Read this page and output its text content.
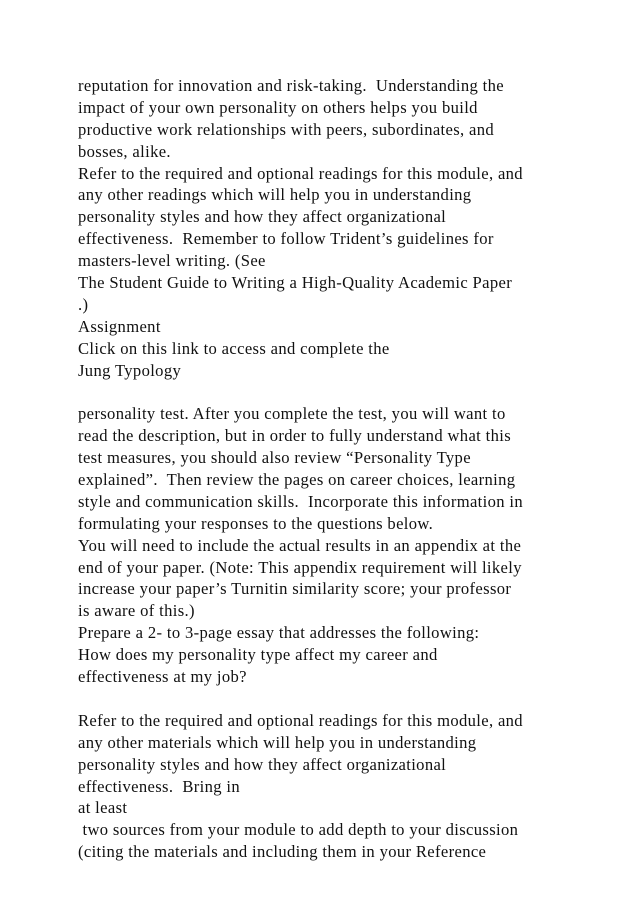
reputation for innovation and risk-taking.  Understanding the
impact of your own personality on others helps you build
productive work relationships with peers, subordinates, and
bosses, alike.
Refer to the required and optional readings for this module, and
any other readings which will help you in understanding
personality styles and how they affect organizational
effectiveness.  Remember to follow Trident’s guidelines for
masters-level writing. (See
The Student Guide to Writing a High-Quality Academic Paper
.)
Assignment
Click on this link to access and complete the
Jung Typology
personality test. After you complete the test, you will want to
read the description, but in order to fully understand what this
test measures, you should also review “Personality Type
explained”.  Then review the pages on career choices, learning
style and communication skills.  Incorporate this information in
formulating your responses to the questions below.
You will need to include the actual results in an appendix at the
end of your paper. (Note: This appendix requirement will likely
increase your paper’s Turnitin similarity score; your professor
is aware of this.)
Prepare a 2- to 3-page essay that addresses the following:
How does my personality type affect my career and
effectiveness at my job?
Refer to the required and optional readings for this module, and
any other materials which will help you in understanding
personality styles and how they affect organizational
effectiveness.  Bring in
at least
two sources from your module to add depth to your discussion
(citing the materials and including them in your Reference
